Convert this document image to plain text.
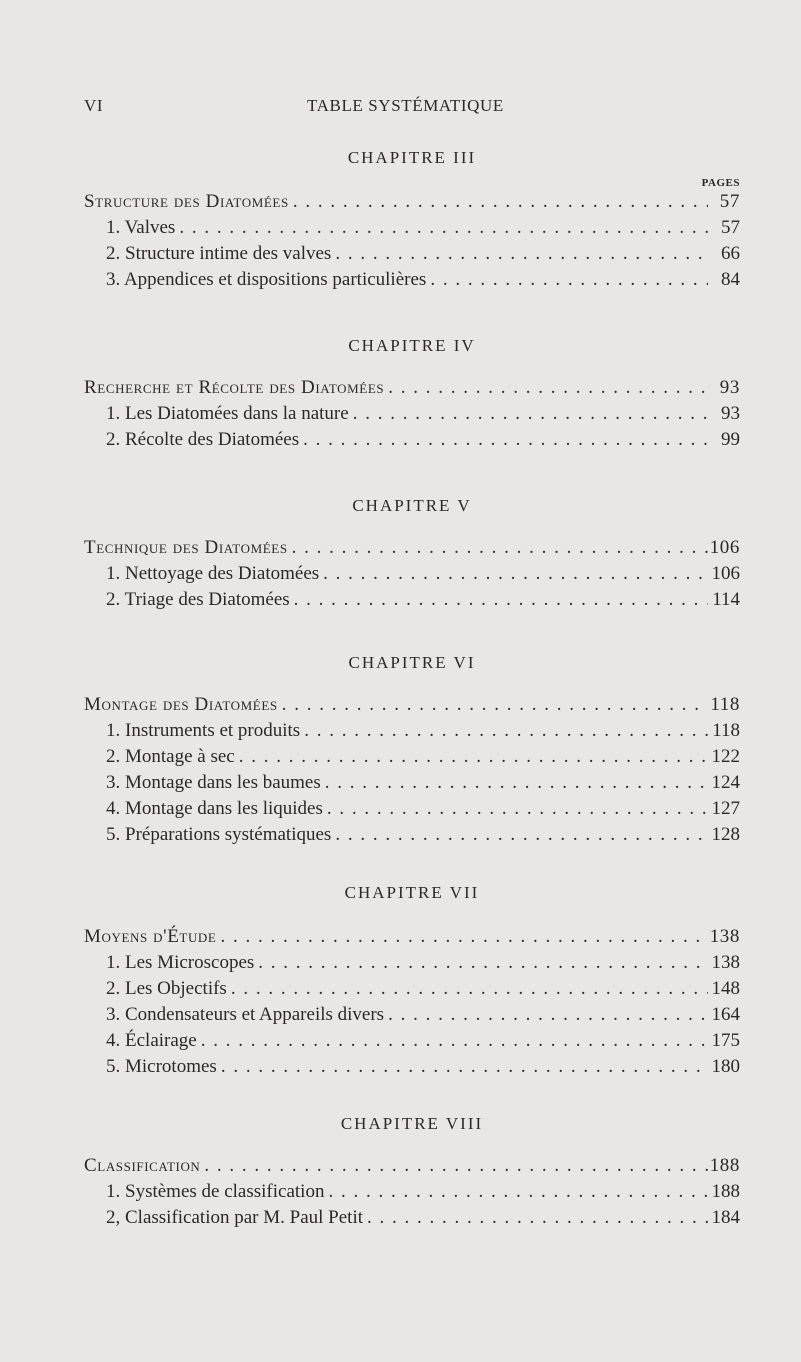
VI	TABLE SYSTÉMATIQUE
CHAPITRE III
PAGES
Structure des Diatomées . . .	57
1. Valves . . .	57
2. Structure intime des valves . . .	66
3. Appendices et dispositions particulières . . .	84
CHAPITRE IV
Recherche et Récolte des Diatomées . . .	93
1. Les Diatomées dans la nature . . .	93
2. Récolte des Diatomées . . .	99
CHAPITRE V
Technique des Diatomées . . .	106
1. Nettoyage des Diatomées . . .	106
2. Triage des Diatomées . . .	114
CHAPITRE VI
Montage des Diatomées . . .	118
1. Instruments et produits . . .	118
2. Montage à sec . . .	122
3. Montage dans les baumes . . .	124
4. Montage dans les liquides . . .	127
5. Préparations systématiques . . .	128
CHAPITRE VII
Moyens d'Étude . . .	138
1. Les Microscopes . . .	138
2. Les Objectifs . . .	148
3. Condensateurs et Appareils divers . . .	164
4. Éclairage . . .	175
5. Microtomes . . .	180
CHAPITRE VIII
Classification . . .	188
1. Systèmes de classification . . .	188
2, Classification par M. Paul Petit . . .	184
